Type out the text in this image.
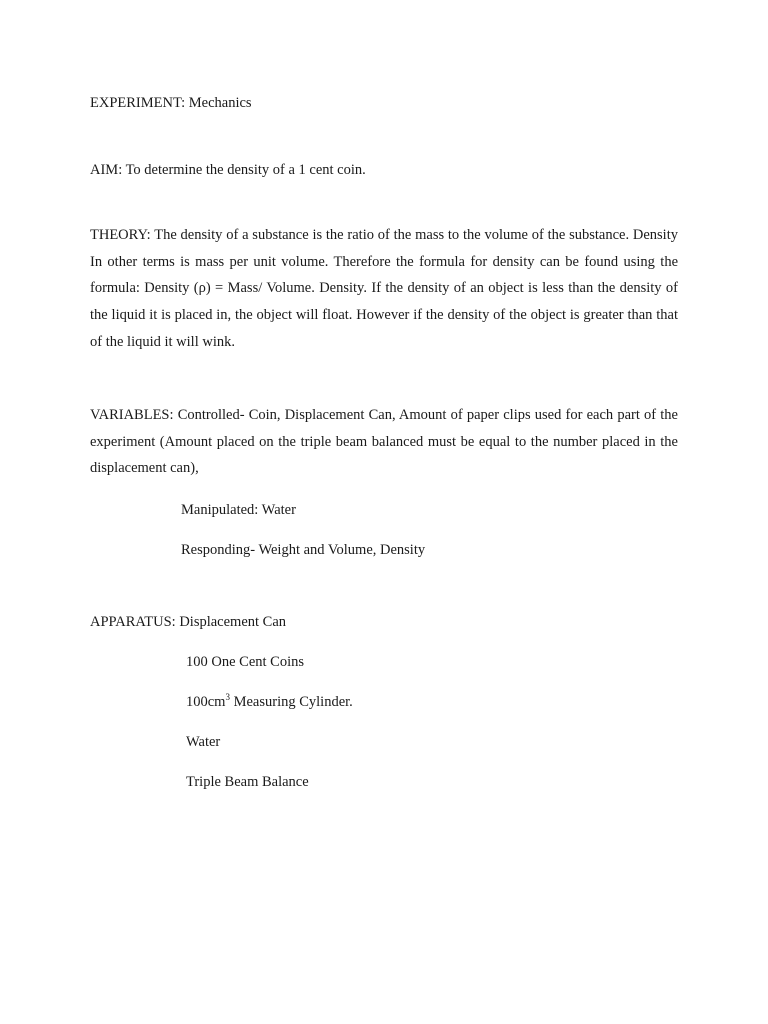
EXPERIMENT: Mechanics
AIM: To determine the density of a 1 cent coin.
THEORY: The density of a substance is the ratio of the mass to the volume of the substance. Density In other terms is mass per unit volume. Therefore the formula for density can be found using the formula: Density (ρ) = Mass/ Volume. Density. If the density of an object is less than the density of the liquid it is placed in, the object will float. However if the density of the object is greater than that of the liquid it will wink.
VARIABLES: Controlled- Coin, Displacement Can, Amount of paper clips used for each part of the experiment (Amount placed on the triple beam balanced must be equal to the number placed in the displacement can),
Manipulated: Water
Responding- Weight and Volume, Density
APPARATUS: Displacement Can
100 One Cent Coins
$100cm^3$ Measuring Cylinder.
Water
Triple Beam Balance
